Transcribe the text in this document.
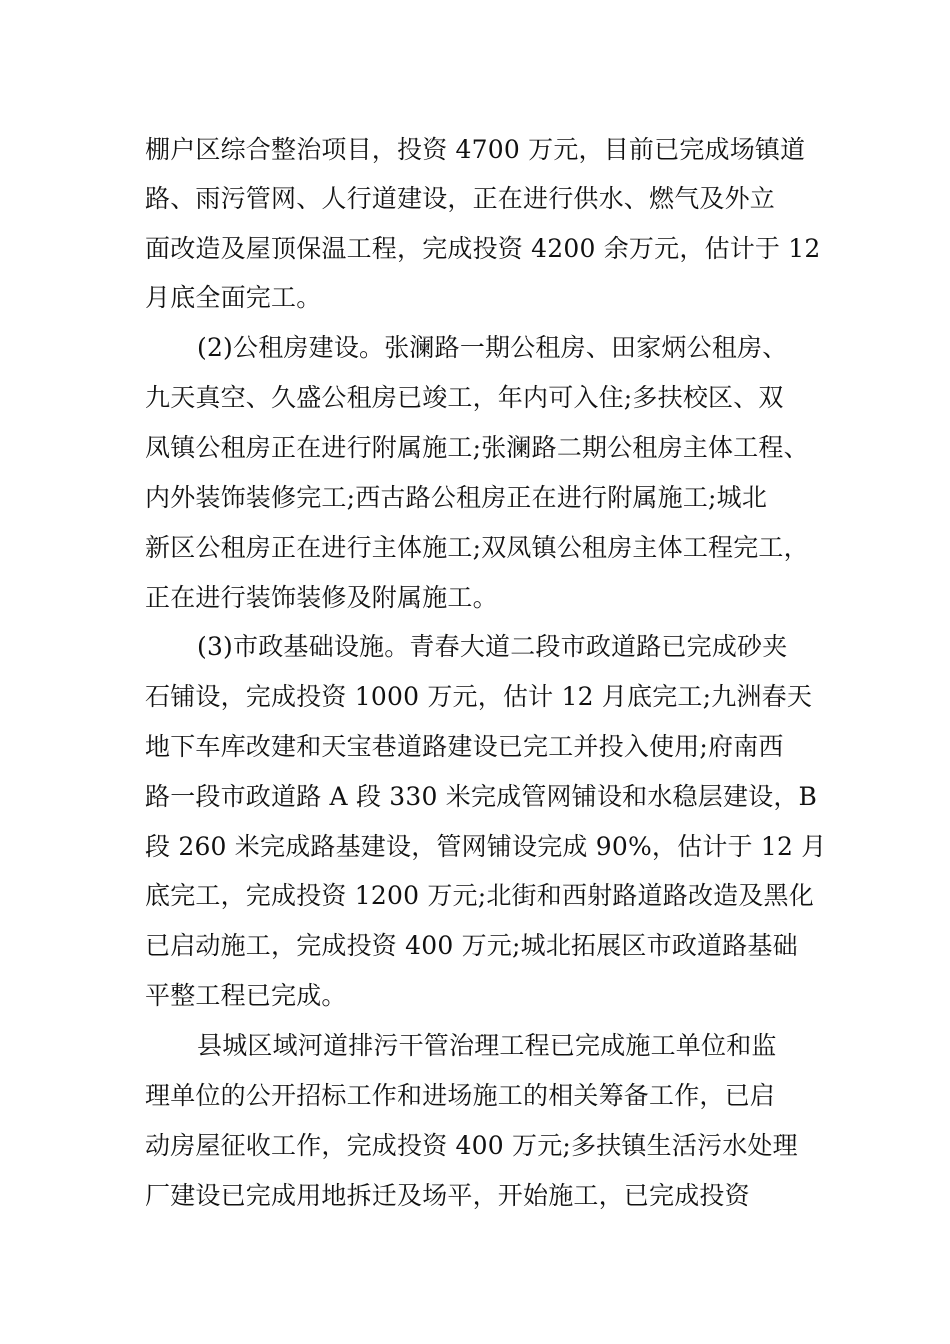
棚户区综合整治项目，投资 4700 万元，目前已完成场镇道
路、雨污管网、人行道建设，正在进行供水、燃气及外立
面改造及屋顶保温工程，完成投资 4200 余万元，估计于 12
月底全面完工。
(2)公租房建设。张澜路一期公租房、田家炳公租房、
九天真空、久盛公租房已竣工，年内可入住;多扶校区、双
凤镇公租房正在进行附属施工;张澜路二期公租房主体工程、
内外装饰装修完工;西古路公租房正在进行附属施工;城北
新区公租房正在进行主体施工;双凤镇公租房主体工程完工，
正在进行装饰装修及附属施工。
(3)市政基础设施。青春大道二段市政道路已完成砂夹
石铺设，完成投资 1000 万元，估计 12 月底完工;九洲春天
地下车库改建和天宝巷道路建设已完工并投入使用;府南西
路一段市政道路 A 段 330 米完成管网铺设和水稳层建设，B
段 260 米完成路基建设，管网铺设完成 90%，估计于 12 月
底完工，完成投资 1200 万元;北街和西射路道路改造及黑化
已启动施工，完成投资 400 万元;城北拓展区市政道路基础
平整工程已完成。
县城区域河道排污干管治理工程已完成施工单位和监
理单位的公开招标工作和进场施工的相关筹备工作，已启
动房屋征收工作，完成投资 400 万元;多扶镇生活污水处理
厂建设已完成用地拆迁及场平，开始施工，已完成投资
